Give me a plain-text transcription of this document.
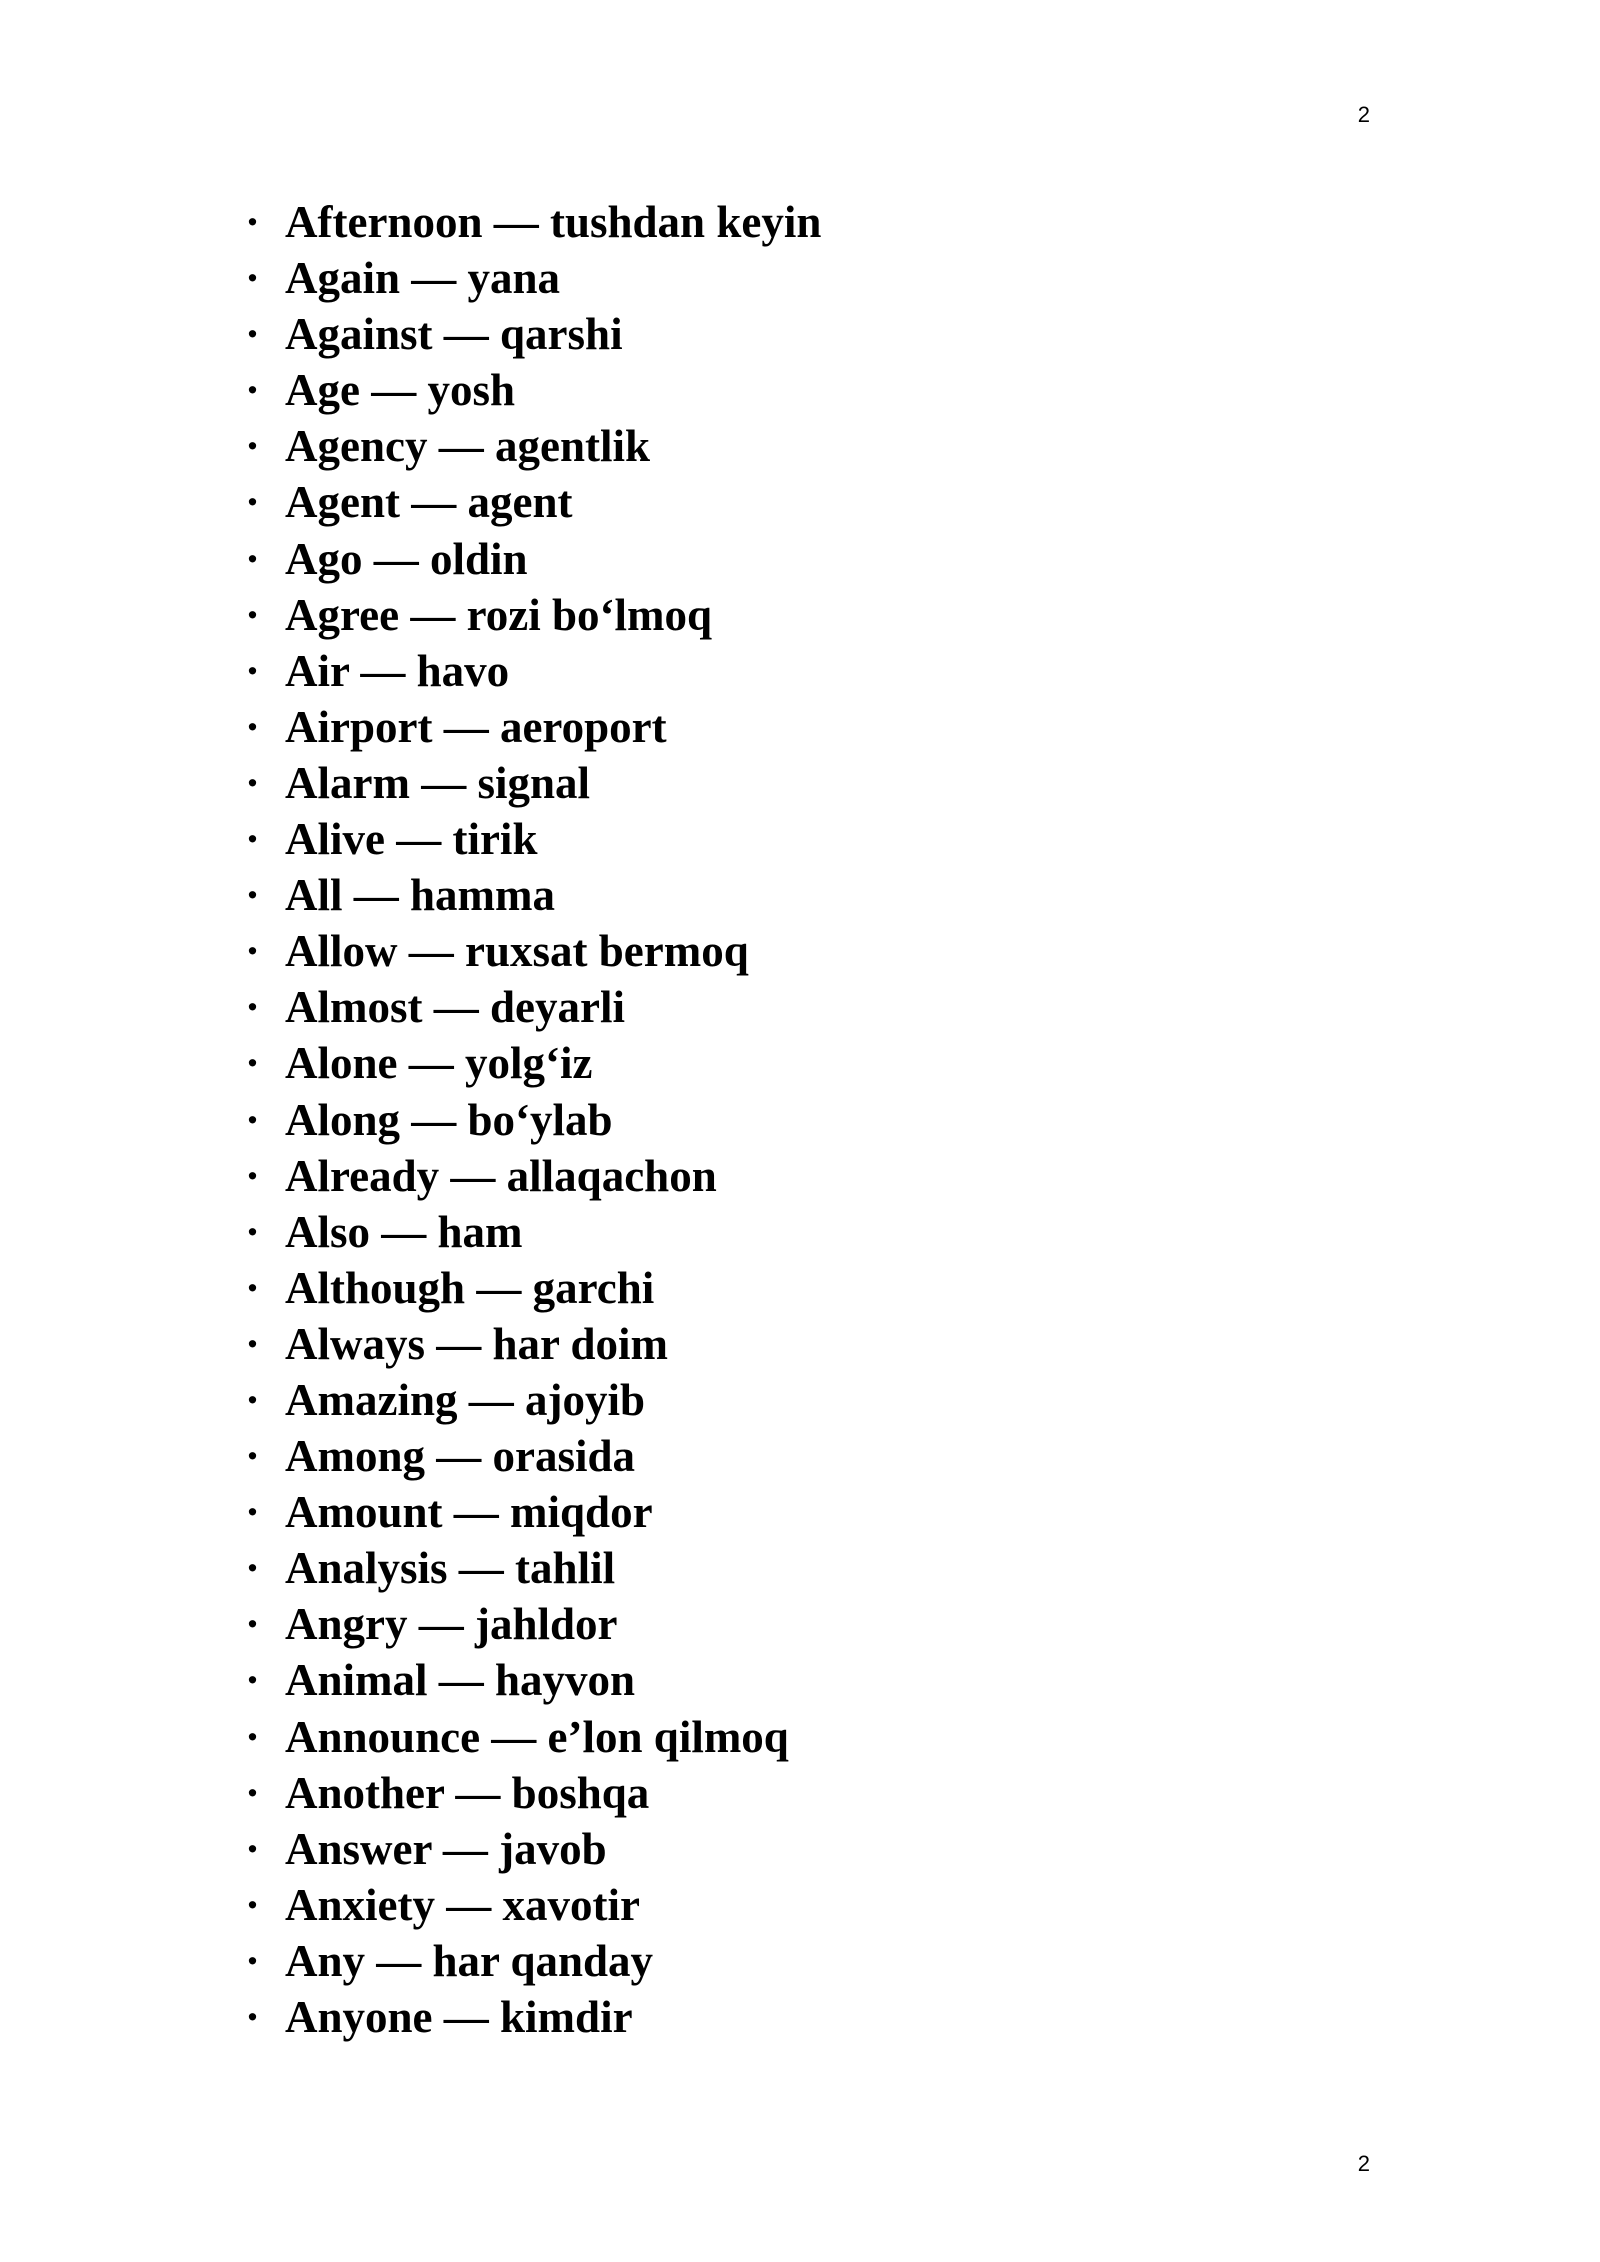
2
· Afternoon — tushdan keyin
· Again — yana
· Against — qarshi
· Age — yosh
· Agency — agentlik
· Agent — agent
· Ago — oldin
· Agree — rozi bo‘lmoq
· Air — havo
· Airport — aeroport
· Alarm — signal
· Alive — tirik
· All — hamma
· Allow — ruxsat bermoq
· Almost — deyarli
· Alone — yolg‘iz
· Along — bo‘ylab
· Already — allaqachon
· Also — ham
· Although — garchi
· Always — har doim
· Amazing — ajoyib
· Among — orasida
· Amount — miqdor
· Analysis — tahlil
· Angry — jahldor
· Animal — hayvon
· Announce — e’lon qilmoq
· Another — boshqa
· Answer — javob
· Anxiety — xavotir
· Any — har qanday
· Anyone — kimdir
2
